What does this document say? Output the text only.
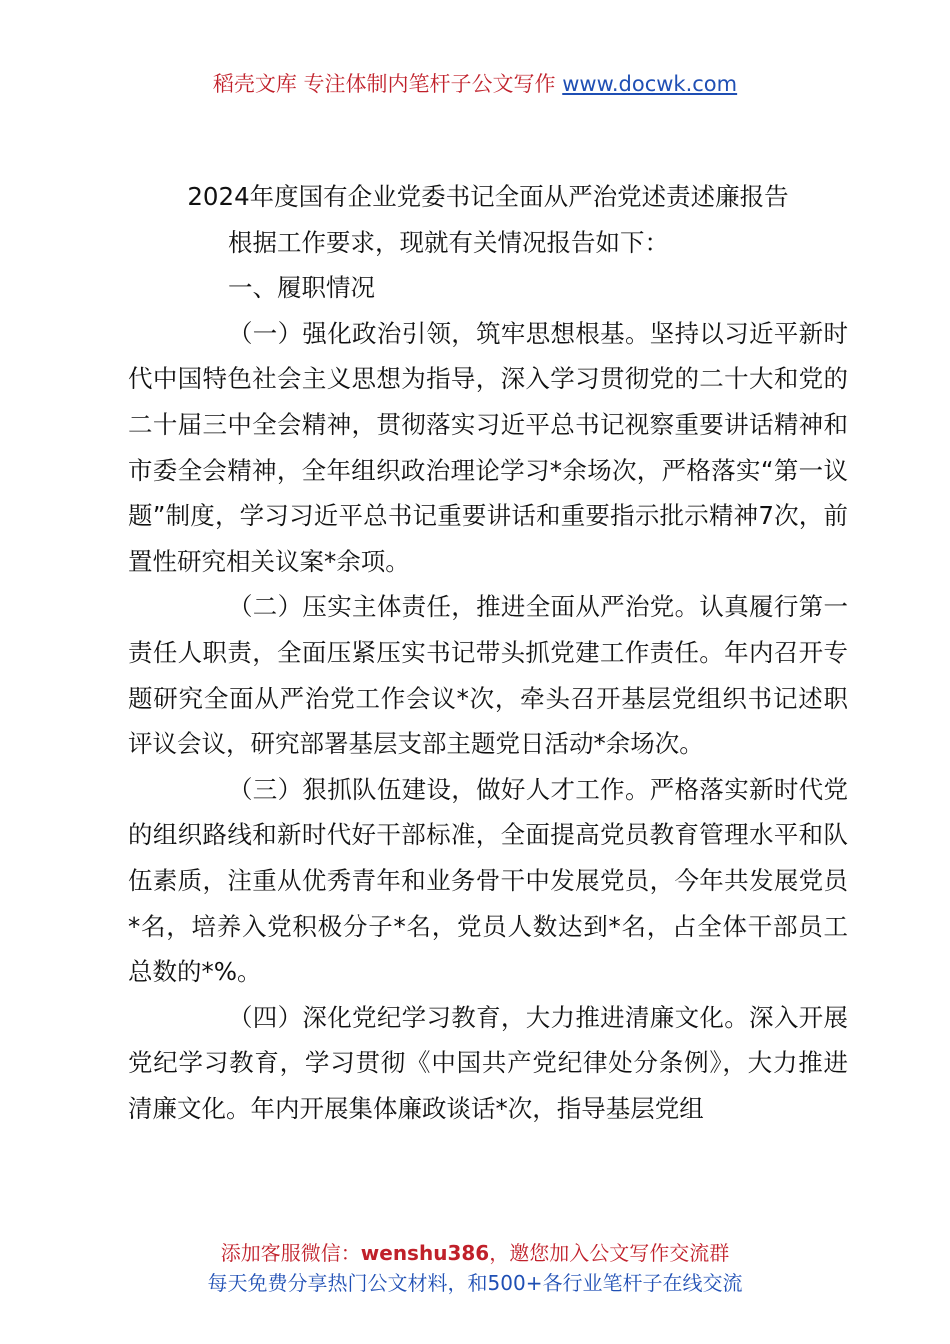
稻壳文库 专注体制内笔杆子公文写作 www.docwk.com
2024年度国有企业党委书记全面从严治党述责述廉报告

根据工作要求，现就有关情况报告如下：

一、履职情况

（一）强化政治引领，筑牢思想根基。坚持以习近平新时代中国特色社会主义思想为指导，深入学习贯彻党的二十大和党的二十届三中全会精神，贯彻落实习近平总书记视察重要讲话精神和市委全会精神，全年组织政治理论学习*余场次，严格落实“第一议题”制度，学习习近平总书记重要讲话和重要指示批示精神7次，前置性研究相关议案*余项。

（二）压实主体责任，推进全面从严治党。认真履行第一责任人职责，全面压紧压实书记带头抓党建工作责任。年内召开专题研究全面从严治党工作会议*次，牵头召开基层党组织书记述职评议会议，研究部署基层支部主题党日活动*余场次。

（三）狠抓队伍建设，做好人才工作。严格落实新时代党的组织路线和新时代好干部标准，全面提高党员教育管理水平和队伍素质，注重从优秀青年和业务骨干中发展党员，今年共发展党员*名，培养入党积极分子*名，党员人数达到*名，占全体干部员工总数的*%。

（四）深化党纪学习教育，大力推进清廉文化。深入开展党纪学习教育，学习贯彻《中国共产党纪律处分条例》，大力推进清廉文化。年内开展集体廉政谈话*次，指导基层党组

添加客服微信：wenshu386，邀您加入公文写作交流群
每天免费分享热门公文材料，和500+各行业笔杆子在线交流
